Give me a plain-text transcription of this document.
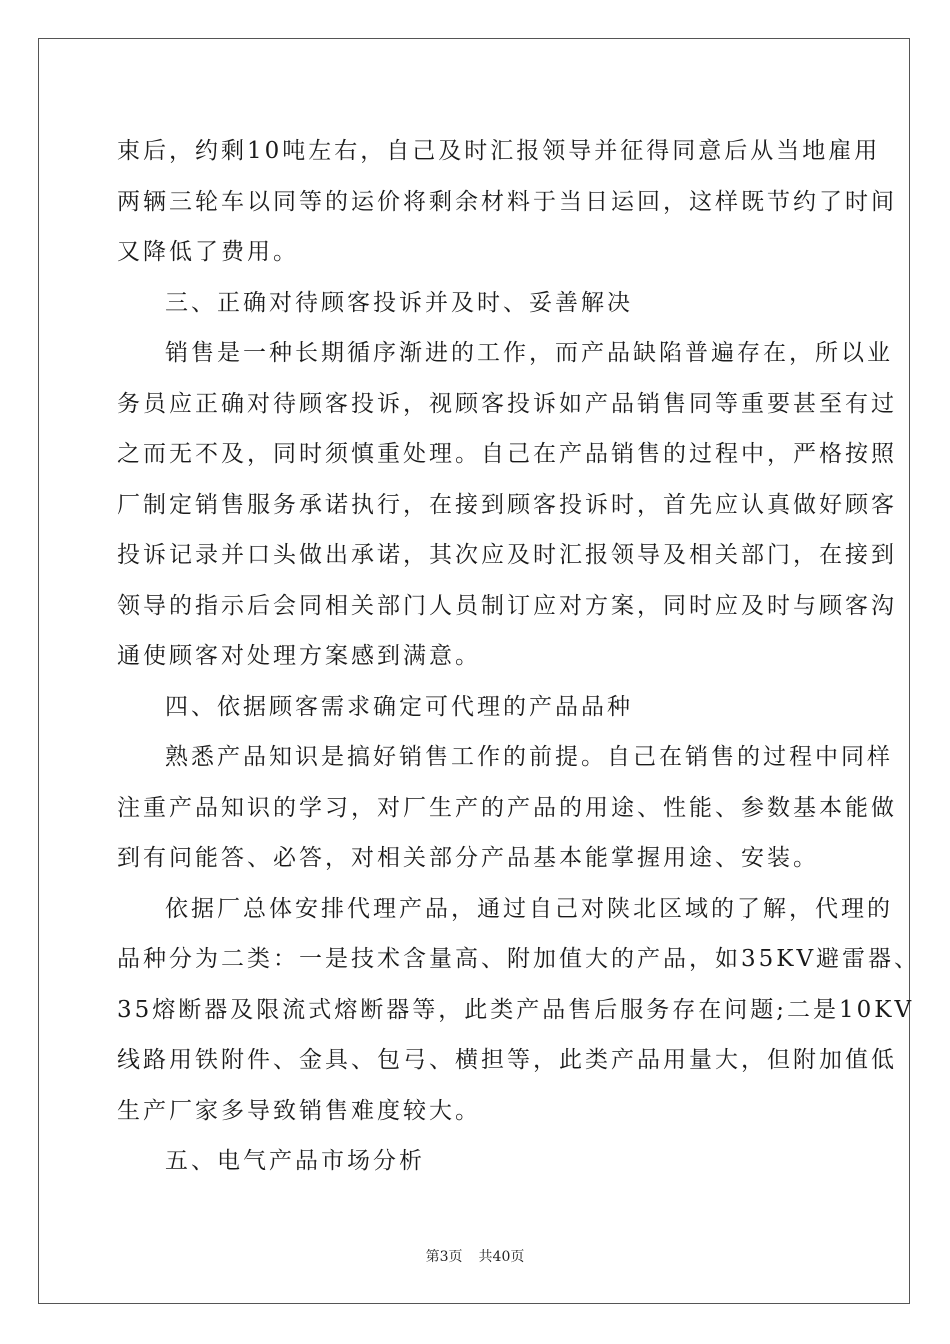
束后，约剩10吨左右，自己及时汇报领导并征得同意后从当地雇用
两辆三轮车以同等的运价将剩余材料于当日运回，这样既节约了时间
又降低了费用。
三、正确对待顾客投诉并及时、妥善解决
销售是一种长期循序渐进的工作，而产品缺陷普遍存在，所以业
务员应正确对待顾客投诉，视顾客投诉如产品销售同等重要甚至有过
之而无不及，同时须慎重处理。自己在产品销售的过程中，严格按照
厂制定销售服务承诺执行，在接到顾客投诉时，首先应认真做好顾客
投诉记录并口头做出承诺，其次应及时汇报领导及相关部门，在接到
领导的指示后会同相关部门人员制订应对方案，同时应及时与顾客沟
通使顾客对处理方案感到满意。
四、依据顾客需求确定可代理的产品品种
熟悉产品知识是搞好销售工作的前提。自己在销售的过程中同样
注重产品知识的学习，对厂生产的产品的用途、性能、参数基本能做
到有问能答、必答，对相关部分产品基本能掌握用途、安装。
依据厂总体安排代理产品，通过自己对陕北区域的了解，代理的
品种分为二类：一是技术含量高、附加值大的产品，如35KV避雷器、
35熔断器及限流式熔断器等，此类产品售后服务存在问题;二是10KV
线路用铁附件、金具、包弓、横担等，此类产品用量大，但附加值低
生产厂家多导致销售难度较大。
五、电气产品市场分析
第3页 共40页
